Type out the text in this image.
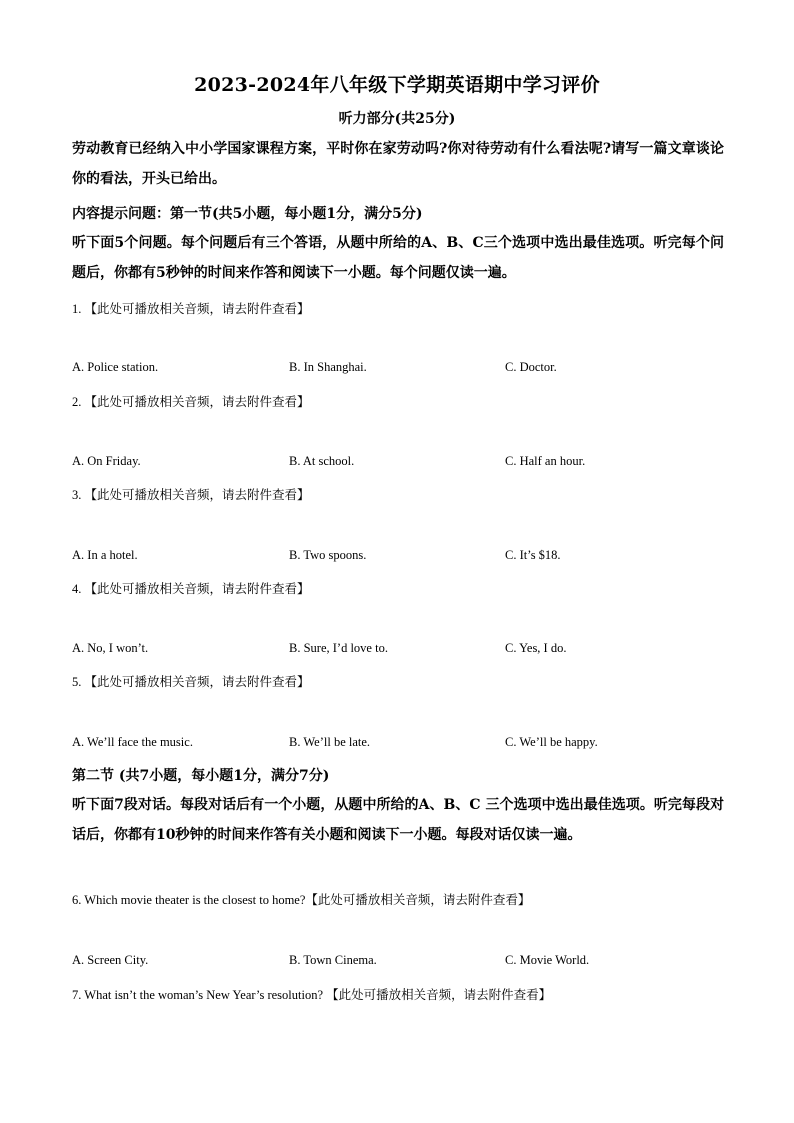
2023-2024年八年级下学期英语期中学习评价
听力部分(共25分)
劳动教育已经纳入中小学国家课程方案，平时你在家劳动吗?你对待劳动有什么看法呢?请写一篇文章谈论你的看法，开头已给出。
内容提示问题：第一节(共5小题，每小题1分，满分5分)
听下面5个问题。每个问题后有三个答语，从题中所给的A、B、C三个选项中选出最佳选项。听完每个问题后，你都有5秒钟的时间来作答和阅读下一小题。每个问题仅读一遍。
1. 【此处可播放相关音频，请去附件查看】
A. Police station.	B. In Shanghai.	C. Doctor.
2. 【此处可播放相关音频，请去附件查看】
A. On Friday.	B. At school.	C. Half an hour.
3. 【此处可播放相关音频，请去附件查看】
A. In a hotel.	B. Two spoons.	C. It’s $18.
4. 【此处可播放相关音频，请去附件查看】
A. No, I won’t.	B. Sure, I’d love to.	C. Yes, I do.
5. 【此处可播放相关音频，请去附件查看】
A. We’ll face the music.	B. We’ll be late.	C. We’ll be happy.
第二节 (共7小题，每小题1分，满分7分)
听下面7段对话。每段对话后有一个小题，从题中所给的A、B、C 三个选项中选出最佳选项。听完每段对话后，你都有10秒钟的时间来作答有关小题和阅读下一小题。每段对话仅读一遍。
6. Which movie theater is the closest to home?【此处可播放相关音频，请去附件查看】
A. Screen City.	B. Town Cinema.	C. Movie World.
7. What isn’t the woman’s New Year’s resolution? 【此处可播放相关音频，请去附件查看】
